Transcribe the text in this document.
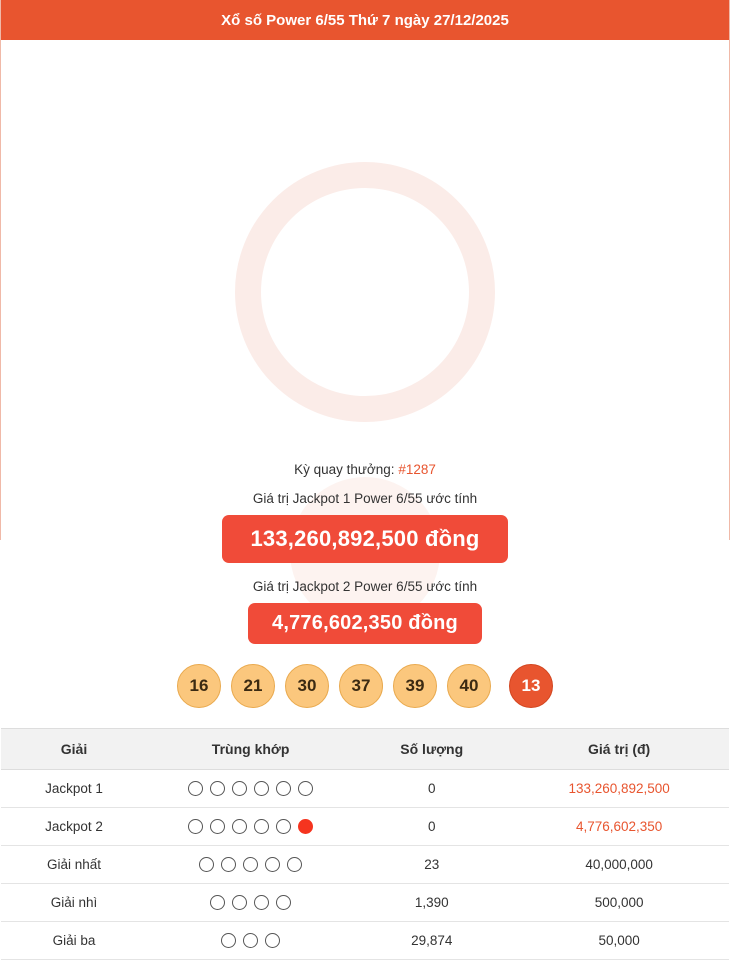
Xổ số Power 6/55 Thứ 7 ngày 27/12/2025
Kỳ quay thưởng: #1287
Giá trị Jackpot 1 Power 6/55 ước tính
133,260,892,500 đồng
Giá trị Jackpot 2 Power 6/55 ước tính
4,776,602,350 đồng
16	21	30	37	39	40	13
Giải	Trùng khớp	Số lượng	Giá trị (đ)
Jackpot 1		0	133,260,892,500
Jackpot 2		0	4,776,602,350
Giải nhất		23	40,000,000
Giải nhì		1,390	500,000
Giải ba		29,874	50,000
